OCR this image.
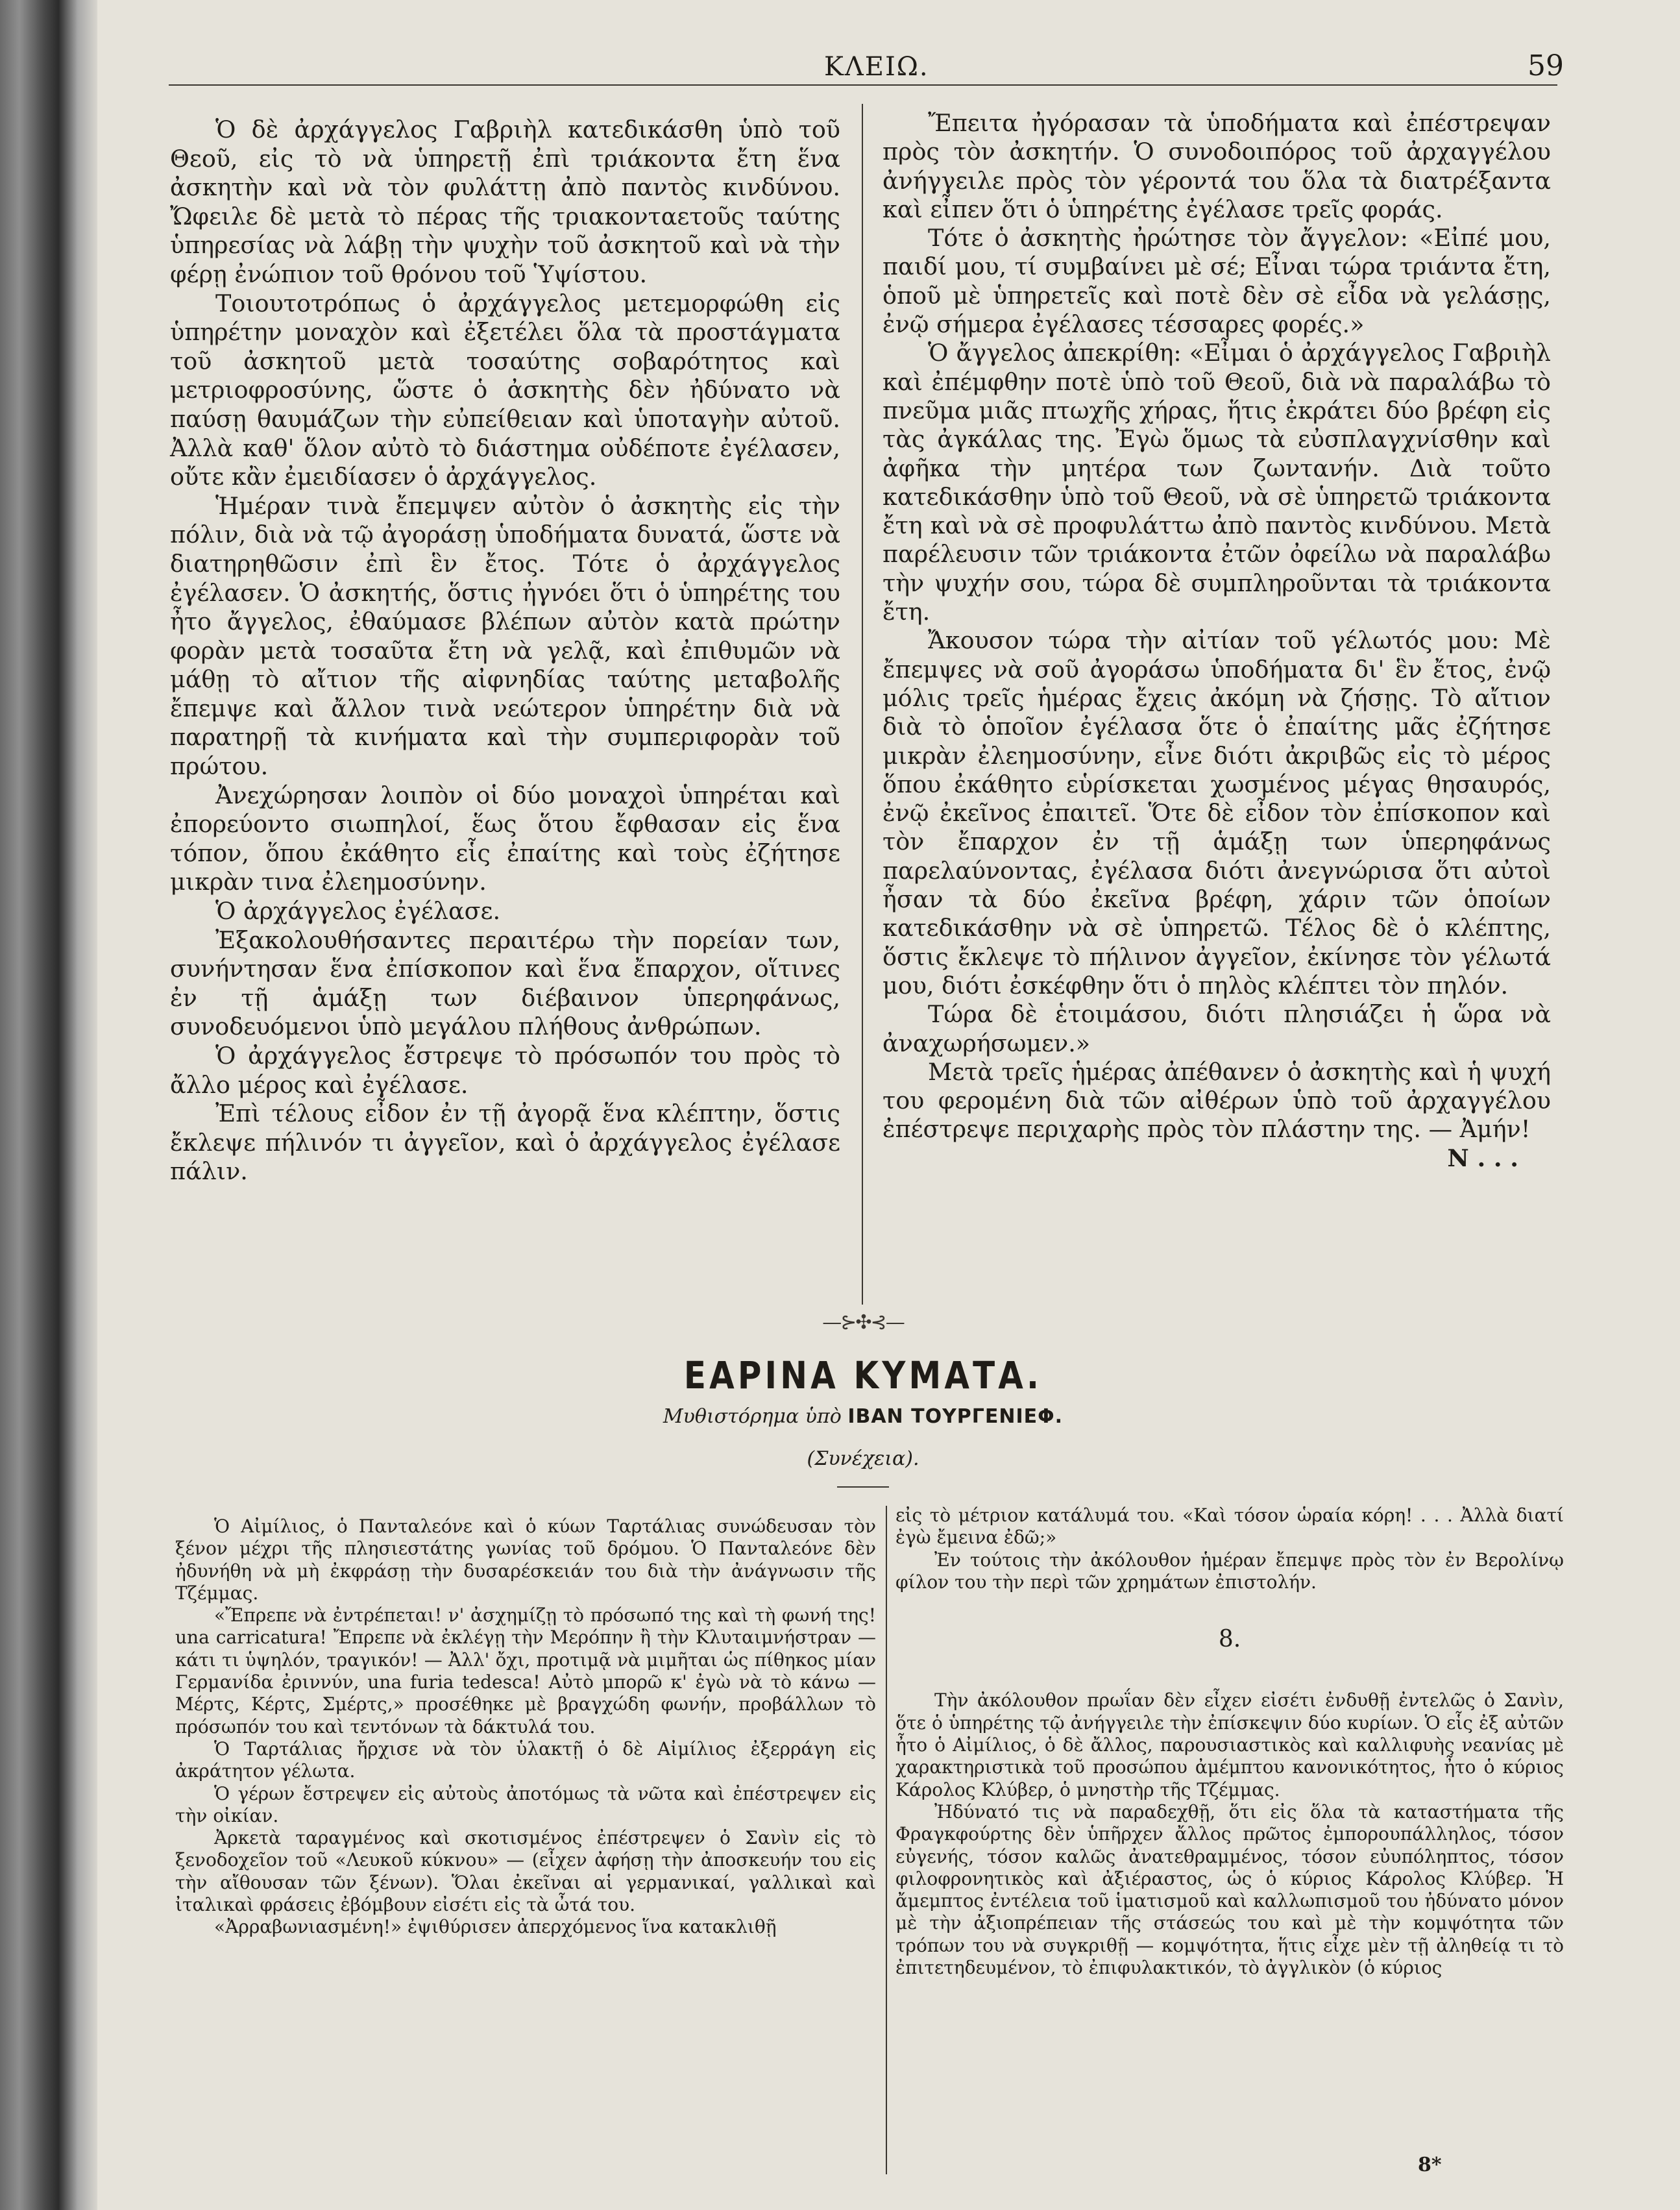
ΚΛΕΙΩ.	59

Ὁ δὲ ἀρχάγγελος Γαβριὴλ κατεδικάσθη ὑπὸ τοῦ Θεοῦ, εἰς τὸ νὰ ὑπηρετῇ ἐπὶ τριάκοντα ἔτη ἕνα ἀσκητὴν καὶ νὰ τὸν φυλάττῃ ἀπὸ παντὸς κινδύνου. Ὤφειλε δὲ μετὰ τὸ πέρας τῆς τριακονταετοῦς ταύτης ὑπηρεσίας νὰ λάβῃ τὴν ψυχὴν τοῦ ἀσκητοῦ καὶ νὰ τὴν φέρῃ ἐνώπιον τοῦ θρόνου τοῦ Ὑψίστου.

Τοιουτοτρόπως ὁ ἀρχάγγελος μετεμορφώθη εἰς ὑπηρέτην μοναχὸν καὶ ἐξετέλει ὅλα τὰ προστάγματα τοῦ ἀσκητοῦ μετὰ τοσαύτης σοβαρότητος καὶ μετριοφροσύνης, ὥστε ὁ ἀσκητὴς δὲν ἠδύνατο νὰ παύσῃ θαυμάζων τὴν εὐπείθειαν καὶ ὑποταγὴν αὐτοῦ. Ἀλλὰ καθ' ὅλον αὐτὸ τὸ διάστημα οὐδέποτε ἐγέλασεν, οὔτε κἂν ἐμειδίασεν ὁ ἀρχάγγελος.

Ἡμέραν τινὰ ἔπεμψεν αὐτὸν ὁ ἀσκητὴς εἰς τὴν πόλιν, διὰ νὰ τῷ ἀγοράσῃ ὑποδήματα δυνατά, ὥστε νὰ διατηρηθῶσιν ἐπὶ ἓν ἔτος. Τότε ὁ ἀρχάγγελος ἐγέλασεν. Ὁ ἀσκητής, ὅστις ἠγνόει ὅτι ὁ ὑπηρέτης του ἦτο ἄγγελος, ἐθαύμασε βλέπων αὐτὸν κατὰ πρώτην φορὰν μετὰ τοσαῦτα ἔτη νὰ γελᾷ, καὶ ἐπιθυμῶν νὰ μάθῃ τὸ αἴτιον τῆς αἰφνηδίας ταύτης μεταβολῆς ἔπεμψε καὶ ἄλλον τινὰ νεώτερον ὑπηρέτην διὰ νὰ παρατηρῇ τὰ κινήματα καὶ τὴν συμπεριφορὰν τοῦ πρώτου.

Ἀνεχώρησαν λοιπὸν οἱ δύο μοναχοὶ ὑπηρέται καὶ ἐπορεύοντο σιωπηλοί, ἕως ὅτου ἔφθασαν εἰς ἕνα τόπον, ὅπου ἐκάθητο εἷς ἐπαίτης καὶ τοὺς ἐζήτησε μικρὰν τινα ἐλεημοσύνην.

Ὁ ἀρχάγγελος ἐγέλασε.

Ἐξακολουθήσαντες περαιτέρω τὴν πορείαν των, συνήντησαν ἕνα ἐπίσκοπον καὶ ἕνα ἔπαρχον, οἵτινες ἐν τῇ ἁμάξῃ των διέβαινον ὑπερηφάνως, συνοδευόμενοι ὑπὸ μεγάλου πλήθους ἀνθρώπων.

Ὁ ἀρχάγγελος ἔστρεψε τὸ πρόσωπόν του πρὸς τὸ ἄλλο μέρος καὶ ἐγέλασε.

Ἐπὶ τέλους εἶδον ἐν τῇ ἀγορᾷ ἕνα κλέπτην, ὅστις ἔκλεψε πήλινόν τι ἀγγεῖον, καὶ ὁ ἀρχάγγελος ἐγέλασε πάλιν.

Ἔπειτα ἠγόρασαν τὰ ὑποδήματα καὶ ἐπέστρεψαν πρὸς τὸν ἀσκητήν. Ὁ συνοδοιπόρος τοῦ ἀρχαγγέλου ἀνήγγειλε πρὸς τὸν γέροντά του ὅλα τὰ διατρέξαντα καὶ εἶπεν ὅτι ὁ ὑπηρέτης ἐγέλασε τρεῖς φοράς.

Τότε ὁ ἀσκητὴς ἠρώτησε τὸν ἄγγελον: «Εἰπέ μου, παιδί μου, τί συμβαίνει μὲ σέ; Εἶναι τώρα τριάντα ἔτη, ὁποῦ μὲ ὑπηρετεῖς καὶ ποτὲ δὲν σὲ εἶδα νὰ γελάσῃς, ἐνῷ σήμερα ἐγέλασες τέσσαρες φορές.»

Ὁ ἄγγελος ἀπεκρίθη: «Εἶμαι ὁ ἀρχάγγελος Γαβριὴλ καὶ ἐπέμφθην ποτὲ ὑπὸ τοῦ Θεοῦ, διὰ νὰ παραλάβω τὸ πνεῦμα μιᾶς πτωχῆς χήρας, ἥτις ἐκράτει δύο βρέφη εἰς τὰς ἀγκάλας της. Ἐγὼ ὅμως τὰ εὐσπλαγχνίσθην καὶ ἀφῆκα τὴν μητέρα των ζωντανήν. Διὰ τοῦτο κατεδικάσθην ὑπὸ τοῦ Θεοῦ, νὰ σὲ ὑπηρετῶ τριάκοντα ἔτη καὶ νὰ σὲ προφυλάττω ἀπὸ παντὸς κινδύνου. Μετὰ παρέλευσιν τῶν τριάκοντα ἐτῶν ὀφείλω νὰ παραλάβω τὴν ψυχήν σου, τώρα δὲ συμπληροῦνται τὰ τριάκοντα ἔτη.

Ἄκουσον τώρα τὴν αἰτίαν τοῦ γέλωτός μου: Μὲ ἔπεμψες νὰ σοῦ ἀγοράσω ὑποδήματα δι' ἓν ἔτος, ἐνῷ μόλις τρεῖς ἡμέρας ἔχεις ἀκόμη νὰ ζήσῃς. Τὸ αἴτιον διὰ τὸ ὁποῖον ἐγέλασα ὅτε ὁ ἐπαίτης μᾶς ἐζήτησε μικρὰν ἐλεημοσύνην, εἶνε διότι ἀκριβῶς εἰς τὸ μέρος ὅπου ἐκάθητο εὑρίσκεται χωσμένος μέγας θησαυρός, ἐνῷ ἐκεῖνος ἐπαιτεῖ. Ὅτε δὲ εἶδον τὸν ἐπίσκοπον καὶ τὸν ἔπαρχον ἐν τῇ ἁμάξῃ των ὑπερηφάνως παρελαύνοντας, ἐγέλασα διότι ἀνεγνώρισα ὅτι αὐτοὶ ἦσαν τὰ δύο ἐκεῖνα βρέφη, χάριν τῶν ὁποίων κατεδικάσθην νὰ σὲ ὑπηρετῶ. Τέλος δὲ ὁ κλέπτης, ὅστις ἔκλεψε τὸ πήλινον ἀγγεῖον, ἐκίνησε τὸν γέλωτά μου, διότι ἐσκέφθην ὅτι ὁ πηλὸς κλέπτει τὸν πηλόν.

Τώρα δὲ ἑτοιμάσου, διότι πλησιάζει ἡ ὥρα νὰ ἀναχωρήσωμεν.»

Μετὰ τρεῖς ἡμέρας ἀπέθανεν ὁ ἀσκητὴς καὶ ἡ ψυχή του φερομένη διὰ τῶν αἰθέρων ὑπὸ τοῦ ἀρχαγγέλου ἐπέστρεψε περιχαρὴς πρὸς τὸν πλάστην της. — Ἀμήν!

Ν . . .

—⊱✣⊰—
ΕΑΡΙΝΑ ΚΥΜΑΤΑ.
Μυθιστόρημα ὑπὸ ΙΒΑΝ ΤΟΥΡΓΕΝΙΕΦ.
(Συνέχεια).

Ὁ Αἰμίλιος, ὁ Πανταλεόνε καὶ ὁ κύων Ταρτάλιας συνώδευσαν τὸν ξένον μέχρι τῆς πλησιεστάτης γωνίας τοῦ δρόμου. Ὁ Πανταλεόνε δὲν ἠδυνήθη νὰ μὴ ἐκφράσῃ τὴν δυσαρέσκειάν του διὰ τὴν ἀνάγνωσιν τῆς Τζέμμας.

«Ἔπρεπε νὰ ἐντρέπεται! ν' ἀσχημίζῃ τὸ πρόσωπό της καὶ τὴ φωνή της! una carricatura! Ἔπρεπε νὰ ἐκλέγῃ τὴν Μερόπην ἢ τὴν Κλυταιμνήστραν — κάτι τι ὑψηλόν, τραγικόν! — Ἀλλ' ὄχι, προτιμᾷ νὰ μιμῆται ὡς πίθηκος μίαν Γερμανίδα ἐριννύν, una furia tedesca! Αὐτὸ μπορῶ κ' ἐγὼ νὰ τὸ κάνω — Μέρτς, Κέρτς, Σμέρτς,» προσέθηκε μὲ βραγχώδη φωνήν, προβάλλων τὸ πρόσωπόν του καὶ τεντόνων τὰ δάκτυλά του.

Ὁ Ταρτάλιας ἤρχισε νὰ τὸν ὑλακτῇ ὁ δὲ Αἰμίλιος ἐξερράγη εἰς ἀκράτητον γέλωτα.

Ὁ γέρων ἔστρεψεν εἰς αὐτοὺς ἀποτόμως τὰ νῶτα καὶ ἐπέστρεψεν εἰς τὴν οἰκίαν.

Ἀρκετὰ ταραγμένος καὶ σκοτισμένος ἐπέστρεψεν ὁ Σανὶν εἰς τὸ ξενοδοχεῖον τοῦ «Λευκοῦ κύκνου» — (εἶχεν ἀφήσῃ τὴν ἀποσκευήν του εἰς τὴν αἴθουσαν τῶν ξένων). Ὅλαι ἐκεῖναι αἱ γερμανικαί, γαλλικαὶ καὶ ἰταλικαὶ φράσεις ἐβόμβουν εἰσέτι εἰς τὰ ὦτά του.

«Ἀρραβωνιασμένη!» ἐψιθύρισεν ἀπερχόμενος ἵνα κατακλιθῇ

εἰς τὸ μέτριον κατάλυμά του. «Καὶ τόσον ὡραία κόρη! . . . Ἀλλὰ διατί ἐγὼ ἔμεινα ἐδῶ;»

Ἐν τούτοις τὴν ἀκόλουθον ἡμέραν ἔπεμψε πρὸς τὸν ἐν Βερολίνῳ φίλον του τὴν περὶ τῶν χρημάτων ἐπιστολήν.

8.

Τὴν ἀκόλουθον πρωΐαν δὲν εἶχεν εἰσέτι ἐνδυθῇ ἐντελῶς ὁ Σανὶν, ὅτε ὁ ὑπηρέτης τῷ ἀνήγγειλε τὴν ἐπίσκεψιν δύο κυρίων. Ὁ εἷς ἐξ αὐτῶν ἦτο ὁ Αἰμίλιος, ὁ δὲ ἄλλος, παρουσιαστικὸς καὶ καλλιφυὴς νεανίας μὲ χαρακτηριστικὰ τοῦ προσώπου ἀμέμπτου κανονικότητος, ἦτο ὁ κύριος Κάρολος Κλύβερ, ὁ μνηστὴρ τῆς Τζέμμας.

Ἠδύνατό τις νὰ παραδεχθῇ, ὅτι εἰς ὅλα τὰ καταστήματα τῆς Φραγκφούρτης δὲν ὑπῆρχεν ἄλλος πρῶτος ἐμπορουπάλληλος, τόσον εὐγενής, τόσον καλῶς ἀνατεθραμμένος, τόσον εὐυπόληπτος, τόσον φιλοφρονητικὸς καὶ ἀξιέραστος, ὡς ὁ κύριος Κάρολος Κλύβερ. Ἡ ἄμεμπτος ἐντέλεια τοῦ ἱματισμοῦ καὶ καλλωπισμοῦ του ἠδύνατο μόνον μὲ τὴν ἀξιοπρέπειαν τῆς στάσεώς του καὶ μὲ τὴν κομψότητα τῶν τρόπων του νὰ συγκριθῇ — κομψότητα, ἥτις εἶχε μὲν τῇ ἀληθείᾳ τι τὸ ἐπιτετηδευμένον, τὸ ἐπιφυλακτικόν, τὸ ἀγγλικὸν (ὁ κύριος

8*
